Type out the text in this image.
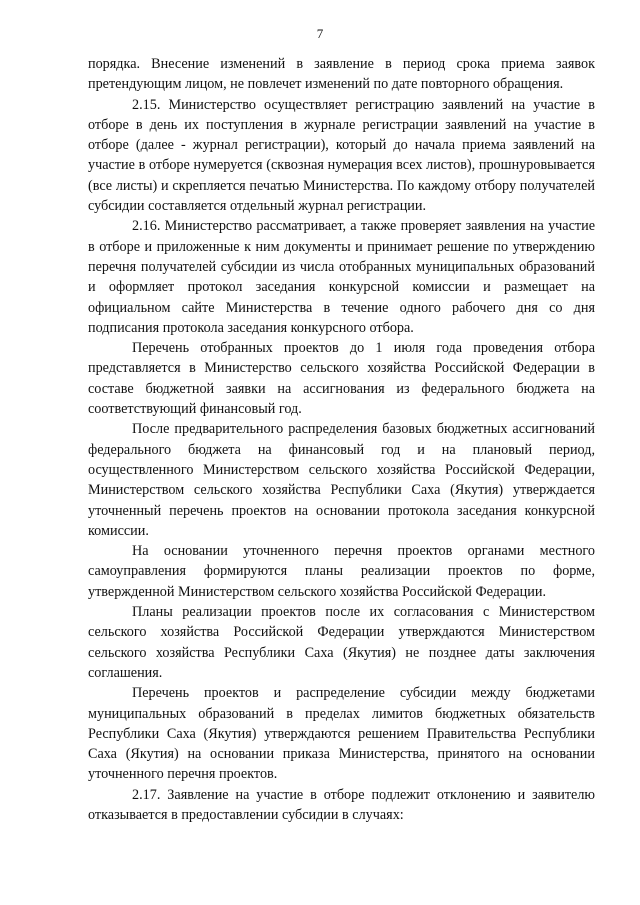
7

порядка. Внесение изменений в заявление в период срока приема заявок претендующим лицом, не повлечет изменений по дате повторного обращения.

2.15. Министерство осуществляет регистрацию заявлений на участие в отборе в день их поступления в журнале регистрации заявлений на участие в отборе (далее - журнал регистрации), который до начала приема заявлений на участие в отборе нумеруется (сквозная нумерация всех листов), прошнуровывается (все листы) и скрепляется печатью Министерства. По каждому отбору получателей субсидии составляется отдельный журнал регистрации.

2.16. Министерство рассматривает, а также проверяет заявления на участие в отборе и приложенные к ним документы и принимает решение по утверждению перечня получателей субсидии из числа отобранных муниципальных образований и оформляет протокол заседания конкурсной комиссии и размещает на официальном сайте Министерства в течение одного рабочего дня со дня подписания протокола заседания конкурсного отбора.

Перечень отобранных проектов до 1 июля года проведения отбора представляется в Министерство сельского хозяйства Российской Федерации в составе бюджетной заявки на ассигнования из федерального бюджета на соответствующий финансовый год.

После предварительного распределения базовых бюджетных ассигнований федерального бюджета на финансовый год и на плановый период, осуществленного Министерством сельского хозяйства Российской Федерации, Министерством сельского хозяйства Республики Саха (Якутия) утверждается уточненный перечень проектов на основании протокола заседания конкурсной комиссии.

На основании уточненного перечня проектов органами местного самоуправления формируются планы реализации проектов по форме, утвержденной Министерством сельского хозяйства Российской Федерации.

Планы реализации проектов после их согласования с Министерством сельского хозяйства Российской Федерации утверждаются Министерством сельского хозяйства Республики Саха (Якутия) не позднее даты заключения соглашения.

Перечень проектов и распределение субсидии между бюджетами муниципальных образований в пределах лимитов бюджетных обязательств Республики Саха (Якутия) утверждаются решением Правительства Республики Саха (Якутия) на основании приказа Министерства, принятого на основании уточненного перечня проектов.

2.17. Заявление на участие в отборе подлежит отклонению и заявителю отказывается в предоставлении субсидии в случаях:
